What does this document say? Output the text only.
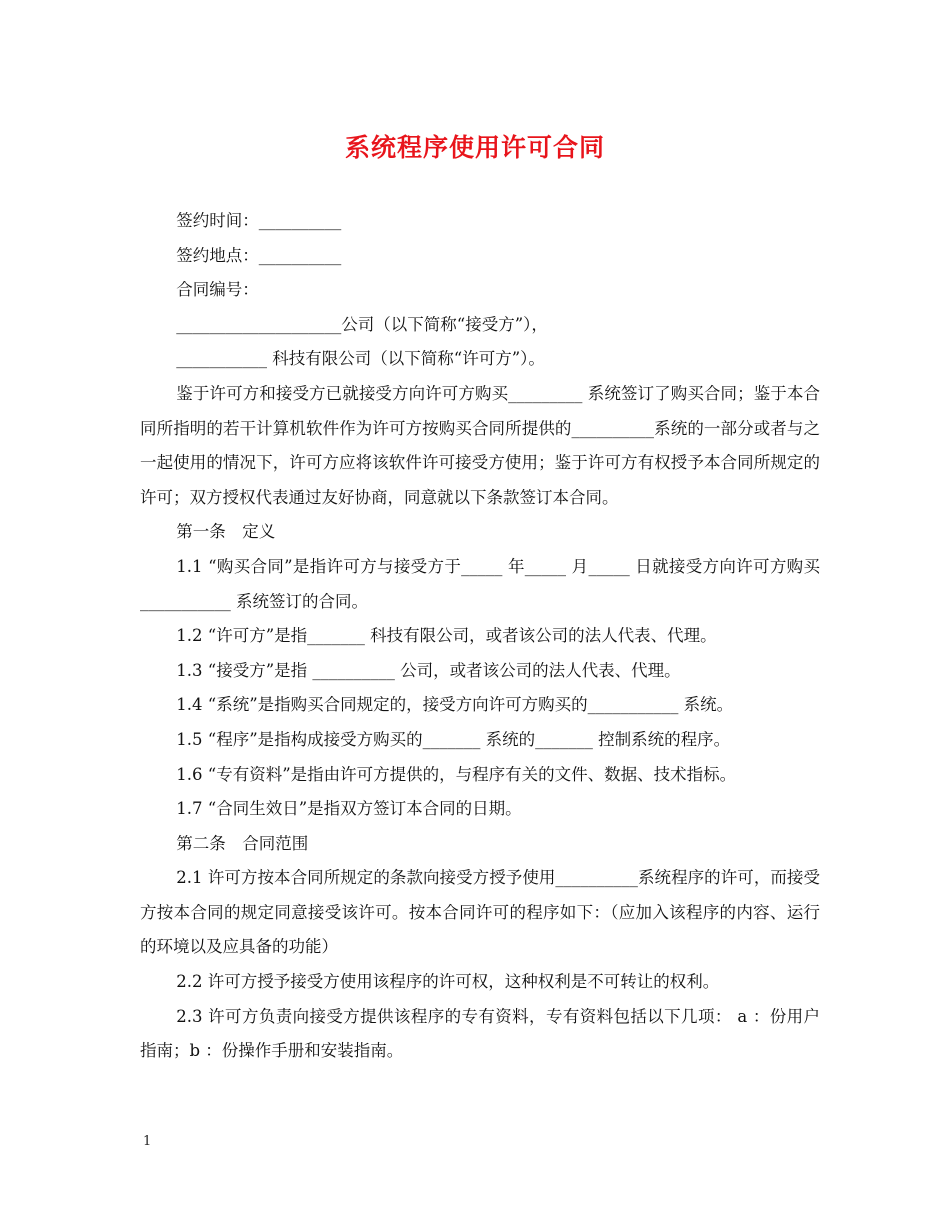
系统程序使用许可合同

签约时间：__________

签约地点：__________

合同编号：

____________________公司（以下简称“接受方”），

___________ 科技有限公司（以下简称“许可方”）。

鉴于许可方和接受方已就接受方向许可方购买_________ 系统签订了购买合同；鉴于本合同所指明的若干计算机软件作为许可方按购买合同所提供的__________系统的一部分或者与之一起使用的情况下，许可方应将该软件许可接受方使用；鉴于许可方有权授予本合同所规定的许可；双方授权代表通过友好协商，同意就以下条款签订本合同。

第一条　定义

1.1 “购买合同”是指许可方与接受方于_____ 年_____ 月_____ 日就接受方向许可方购买___________ 系统签订的合同。

1.2 “许可方”是指_______ 科技有限公司，或者该公司的法人代表、代理。

1.3 “接受方”是指 __________ 公司，或者该公司的法人代表、代理。

1.4 “系统”是指购买合同规定的，接受方向许可方购买的___________ 系统。

1.5 “程序”是指构成接受方购买的_______ 系统的_______ 控制系统的程序。

1.6 “专有资料”是指由许可方提供的，与程序有关的文件、数据、技术指标。

1.7 “合同生效日”是指双方签订本合同的日期。

第二条　合同范围

2.1 许可方按本合同所规定的条款向接受方授予使用__________系统程序的许可，而接受方按本合同的规定同意接受该许可。按本合同许可的程序如下：（应加入该程序的内容、运行的环境以及应具备的功能）

2.2 许可方授予接受方使用该程序的许可权，这种权利是不可转让的权利。

2.3 许可方负责向接受方提供该程序的专有资料，专有资料包括以下几项： a ：份用户指南；b ：份操作手册和安装指南。

1
